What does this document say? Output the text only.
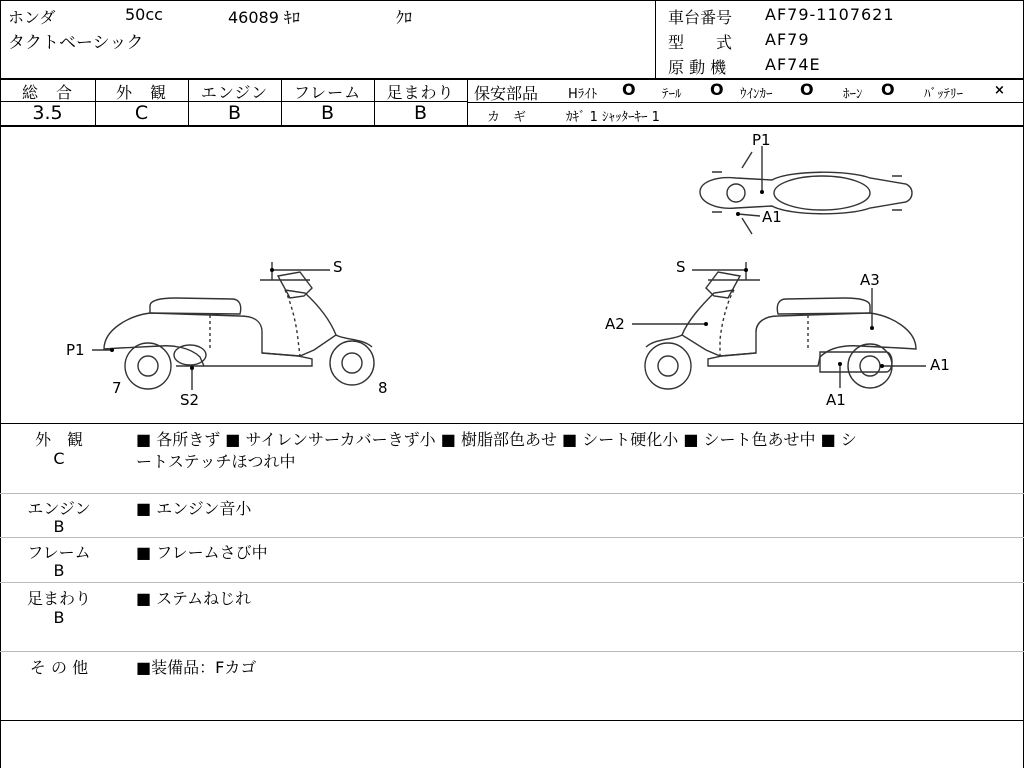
ホンダ	50cc	46089 ｷﾛ	ｸﾛ
タクトベーシック
車台番号 AF79-1107621
型　　式 AF79
原 動 機 AF74E
総　合
3.5
外　観
C
エンジン
B
フレーム
B
足まわり
B
保安部品 Hﾗｲﾄ O ﾃｰﾙ O ｳｲﾝｶｰ O ﾎｰﾝ O ﾊﾞｯﾃﾘｰ ×
カ　ギ	ｶｷﾞ 1 ｼｬｯﾀｰｷｰ 1
S
P1
7
S2
8
S
A2
A3
A1
A1
P1
A1
外　観
C
■ 各所きず ■ サイレンサーカバーきず小 ■ 樹脂部色あせ ■ シート硬化小 ■ シート色あせ中 ■ シ
ートステッチほつれ中
エンジン
B
■ エンジン音小
フレーム
B
■ フレームさび中
足まわり
B
■ ステムねじれ
そ の 他	■装備品：Fカゴ
